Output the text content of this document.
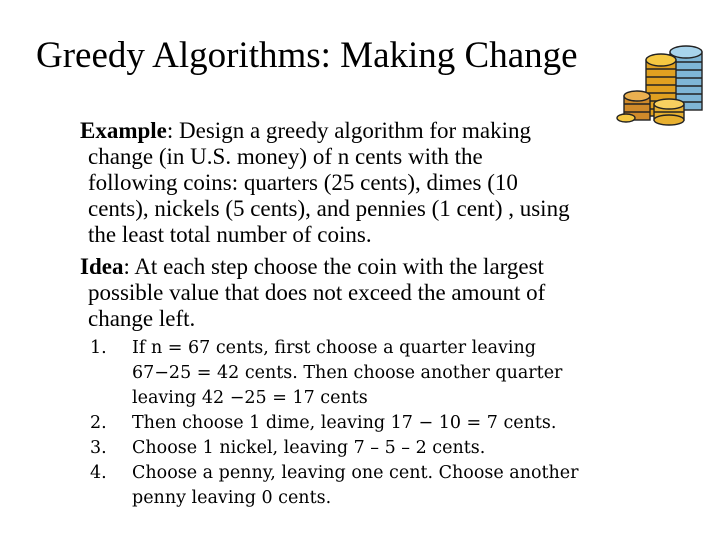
Greedy Algorithms: Making Change

Example: Design a greedy algorithm for making
change (in U.S. money) of n cents with the
following coins: quarters (25 cents), dimes (10
cents), nickels (5 cents), and pennies (1 cent) , using
the least total number of coins.

Idea: At each step choose the coin with the largest
possible value that does not exceed the amount of
change left.

1. If n = 67 cents, first choose a quarter leaving
67−25 = 42 cents. Then choose another quarter
leaving 42 −25 = 17 cents
2. Then choose 1 dime, leaving 17 − 10 = 7 cents.
3. Choose 1 nickel, leaving 7 – 5 – 2 cents.
4. Choose a penny, leaving one cent. Choose another
penny leaving 0 cents.
